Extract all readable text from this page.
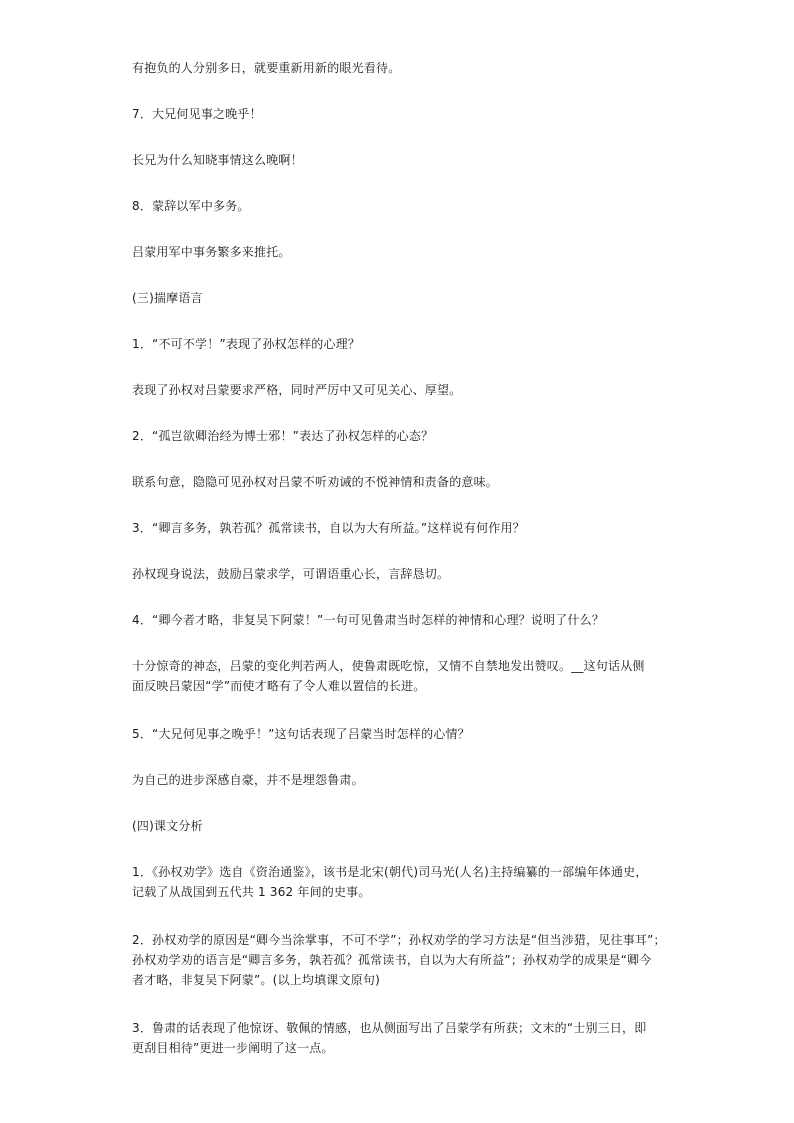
有抱负的人分别多日，就要重新用新的眼光看待。

7．大兄何见事之晚乎！

长兄为什么知晓事情这么晚啊！

8．蒙辞以军中多务。

吕蒙用军中事务繁多来推托。

(三)揣摩语言

1．“不可不学！”表现了孙权怎样的心理？

表现了孙权对吕蒙要求严格，同时严厉中又可见关心、厚望。

2．“孤岂欲卿治经为博士邪！”表达了孙权怎样的心态？

联系句意，隐隐可见孙权对吕蒙不听劝诫的不悦神情和责备的意味。

3．“卿言多务，孰若孤？孤常读书，自以为大有所益。”这样说有何作用？

孙权现身说法，鼓励吕蒙求学，可谓语重心长，言辞恳切。

4．“卿今者才略，非复吴下阿蒙！”一句可见鲁肃当时怎样的神情和心理？说明了什么？

十分惊奇的神态，吕蒙的变化判若两人，使鲁肃既吃惊，又情不自禁地发出赞叹。__这句话从侧
面反映吕蒙因“学”而使才略有了令人难以置信的长进。

5．“大兄何见事之晚乎！”这句话表现了吕蒙当时怎样的心情？

为自己的进步深感自豪，并不是埋怨鲁肃。

(四)课文分析

1．《孙权劝学》选自《资治通鉴》，该书是北宋(朝代)司马光(人名)主持编纂的一部编年体通史，
记载了从战国到五代共 1 362 年间的史事。

2．孙权劝学的原因是“卿今当涂掌事，不可不学”；孙权劝学的学习方法是“但当涉猎，见往事耳”；
孙权劝学劝的语言是“卿言多务，孰若孤？孤常读书，自以为大有所益”；孙权劝学的成果是“卿今
者才略，非复吴下阿蒙”。(以上均填课文原句)

3．鲁肃的话表现了他惊讶、敬佩的情感，也从侧面写出了吕蒙学有所获；文末的“士别三日，即
更刮目相待”更进一步阐明了这一点。
